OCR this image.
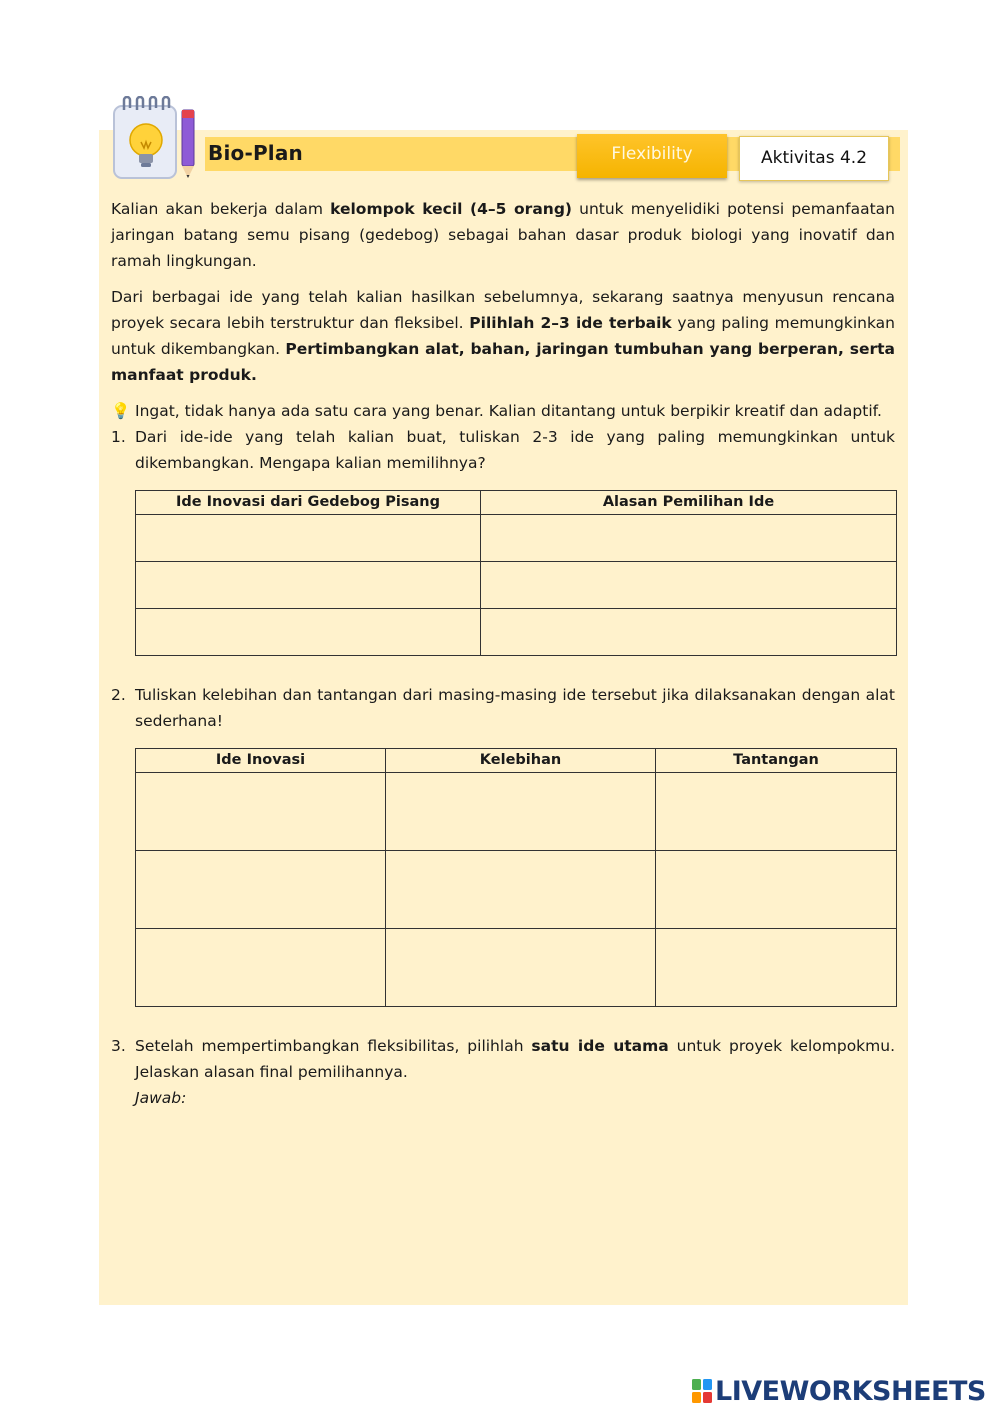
Bio-Plan	Flexibility	Aktivitas 4.2

Kalian akan bekerja dalam kelompok kecil (4–5 orang) untuk menyelidiki potensi pemanfaatan jaringan batang semu pisang (gedebog) sebagai bahan dasar produk biologi yang inovatif dan ramah lingkungan.

Dari berbagai ide yang telah kalian hasilkan sebelumnya, sekarang saatnya menyusun rencana proyek secara lebih terstruktur dan fleksibel. Pilihlah 2–3 ide terbaik yang paling memungkinkan untuk dikembangkan. Pertimbangkan alat, bahan, jaringan tumbuhan yang berperan, serta manfaat produk.

💡 Ingat, tidak hanya ada satu cara yang benar. Kalian ditantang untuk berpikir kreatif dan adaptif.
1. Dari ide-ide yang telah kalian buat, tuliskan 2-3 ide yang paling memungkinkan untuk dikembangkan. Mengapa kalian memilihnya?
Ide Inovasi dari Gedebog Pisang	Alasan Pemilihan Ide

2. Tuliskan kelebihan dan tantangan dari masing-masing ide tersebut jika dilaksanakan dengan alat sederhana!
Ide Inovasi	Kelebihan	Tantangan

3. Setelah mempertimbangkan fleksibilitas, pilihlah satu ide utama untuk proyek kelompokmu. Jelaskan alasan final pemilihannya.
Jawab:
LIVEWORKSHEETS
